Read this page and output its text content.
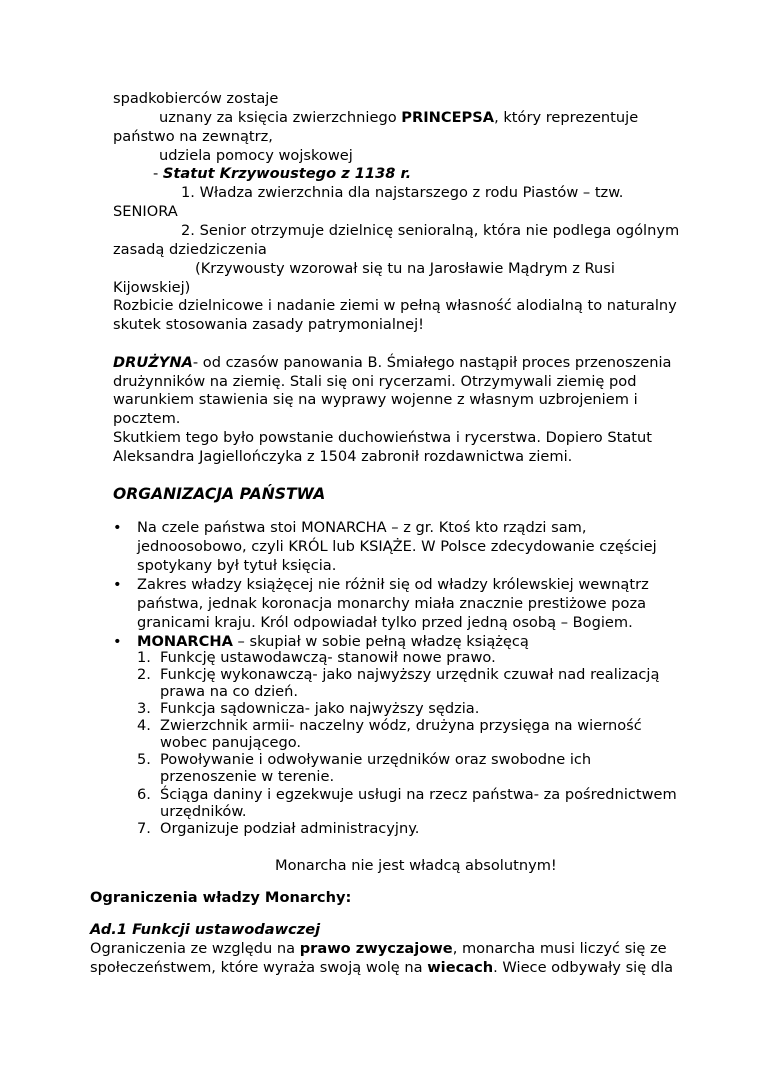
spadkobierców zostaje
uznany za księcia zwierzchniego PRINCEPSA, który reprezentuje
państwo na zewnątrz,
udziela pomocy wojskowej
- Statut Krzywoustego z 1138 r.
1. Władza zwierzchnia dla najstarszego z rodu Piastów – tzw.
SENIORA
2. Senior otrzymuje dzielnicę senioralną, która nie podlega ogólnym
zasadą dziedziczenia
(Krzywousty wzorował się tu na Jarosławie Mądrym z Rusi
Kijowskiej)
Rozbicie dzielnicowe i nadanie ziemi w pełną własność alodialną to naturalny
skutek stosowania zasady patrymonialnej!
DRUŻYNA- od czasów panowania B. Śmiałego nastąpił proces przenoszenia
drużynników na ziemię. Stali się oni rycerzami. Otrzymywali ziemię pod
warunkiem stawienia się na wyprawy wojenne z własnym uzbrojeniem i
pocztem.
Skutkiem tego było powstanie duchowieństwa i rycerstwa. Dopiero Statut
Aleksandra Jagiellończyka z 1504 zabronił rozdawnictwa ziemi.
ORGANIZACJA PAŃSTWA
• Na czele państwa stoi MONARCHA – z gr. Ktoś kto rządzi sam,
jednoosobowo, czyli KRÓL lub KSIĄŻE. W Polsce zdecydowanie częściej
spotykany był tytuł księcia.
• Zakres władzy książęcej nie różnił się od władzy królewskiej wewnątrz
państwa, jednak koronacja monarchy miała znacznie prestiżowe poza
granicami kraju. Król odpowiadał tylko przed jedną osobą – Bogiem.
• MONARCHA – skupiał w sobie pełną władzę książęcą
1. Funkcję ustawodawczą- stanowił nowe prawo.
2. Funkcję wykonawczą- jako najwyższy urzędnik czuwał nad realizacją
prawa na co dzień.
3. Funkcja sądownicza- jako najwyższy sędzia.
4. Zwierzchnik armii- naczelny wódz, drużyna przysięga na wierność
wobec panującego.
5. Powoływanie i odwoływanie urzędników oraz swobodne ich
przenoszenie w terenie.
6. Ściąga daniny i egzekwuje usługi na rzecz państwa- za pośrednictwem
urzędników.
7. Organizuje podział administracyjny.
Monarcha nie jest władcą absolutnym!
Ograniczenia władzy Monarchy:
Ad.1 Funkcji ustawodawczej
Ograniczenia ze względu na prawo zwyczajowe, monarcha musi liczyć się ze
społeczeństwem, które wyraża swoją wolę na wiecach. Wiece odbywały się dla
